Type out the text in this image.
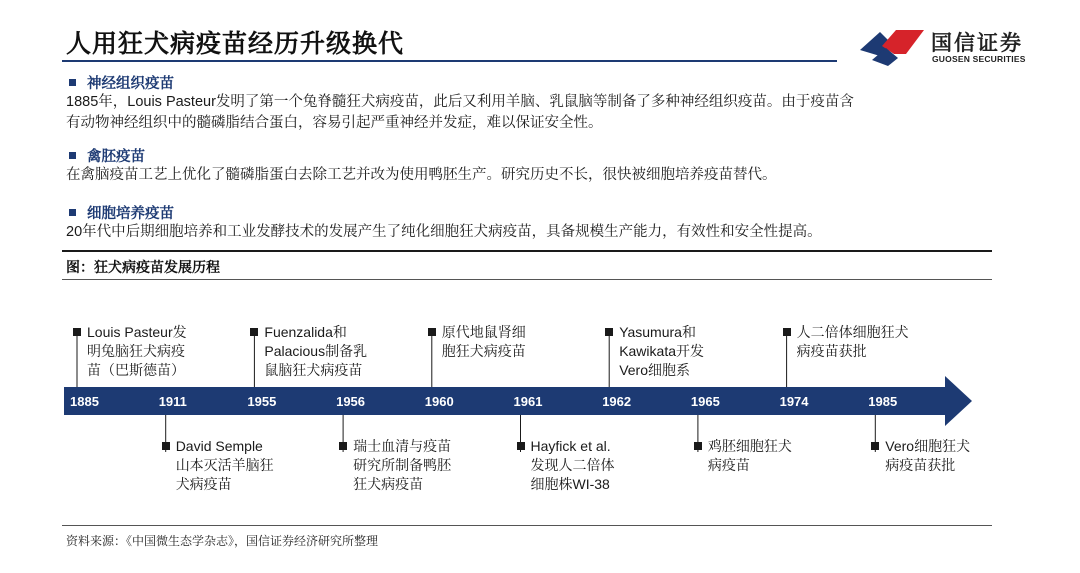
人用狂犬病疫苗经历升级换代	国信证券
GUOSEN SECURITIES
神经组织疫苗
1885年，Louis Pasteur发明了第一个兔脊髓狂犬病疫苗，此后又利用羊脑、乳鼠脑等制备了多种神经组织疫苗。由于疫苗含
有动物神经组织中的髓磷脂结合蛋白，容易引起严重神经并发症，难以保证安全性。
禽胚疫苗
在禽脑疫苗工艺上优化了髓磷脂蛋白去除工艺并改为使用鸭胚生产。研究历史不长，很快被细胞培养疫苗替代。
细胞培养疫苗
20年代中后期细胞培养和工业发酵技术的发展产生了纯化细胞狂犬病疫苗，具备规模生产能力，有效性和安全性提高。
图：狂犬病疫苗发展历程
1885	1911	1955	1956	1960	1961	1962	1965	1974	1985
Louis Pasteur发
明兔脑狂犬病疫
苗（巴斯德苗）
David Semple
山本灭活羊脑狂
犬病疫苗
Fuenzalida和
Palacious制备乳
鼠脑狂犬病疫苗
瑞士血清与疫苗
研究所制备鸭胚
狂犬病疫苗
原代地鼠肾细
胞狂犬病疫苗
Hayfick et al.
发现人二倍体
细胞株WI-38
Yasumura和
Kawikata开发
Vero细胞系
鸡胚细胞狂犬
病疫苗
人二倍体细胞狂犬
病疫苗获批
Vero细胞狂犬
病疫苗获批
资料来源：《中国微生态学杂志》，国信证券经济研究所整理
